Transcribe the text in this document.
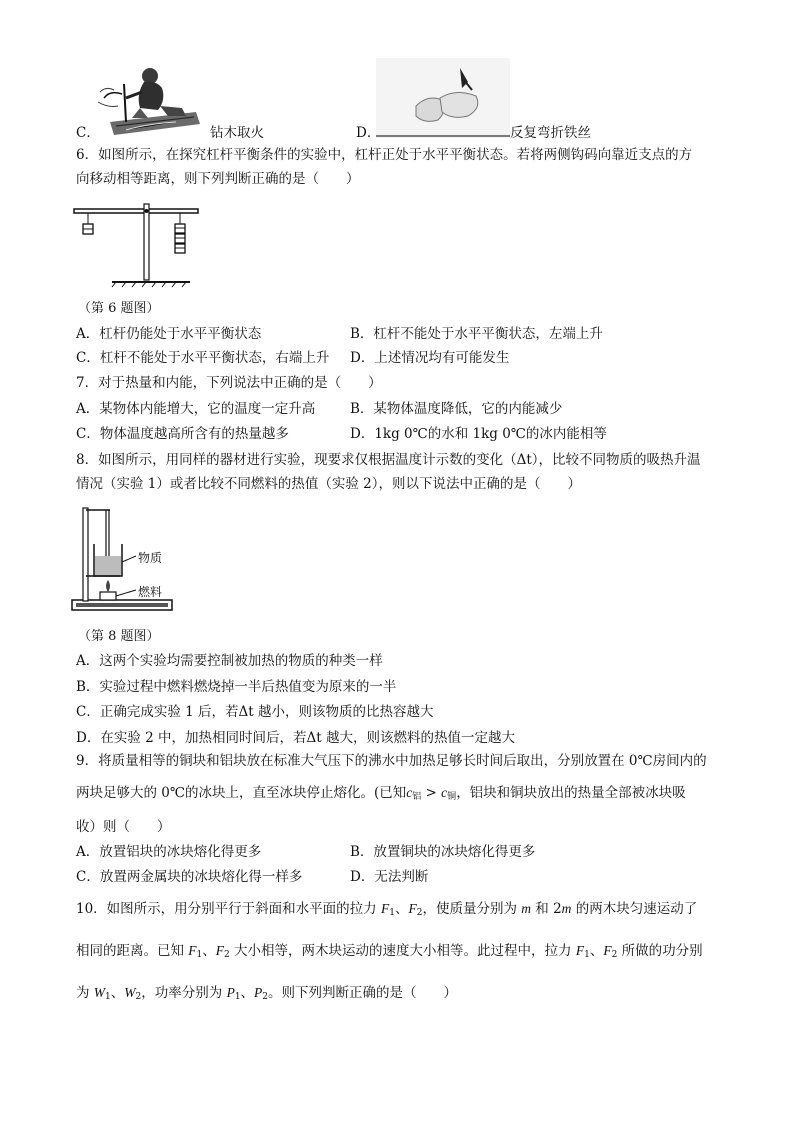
C．	钻木取火	D．	反复弯折铁丝
6．如图所示，在探究杠杆平衡条件的实验中，杠杆正处于水平平衡状态。若将两侧钩码向靠近支点的方
向移动相等距离，则下列判断正确的是（　　）
（第 6 题图）
A．杠杆仍能处于水平平衡状态	B．杠杆不能处于水平平衡状态，左端上升
C．杠杆不能处于水平平衡状态，右端上升 D．上述情况均有可能发生
7．对于热量和内能，下列说法中正确的是（　　）
A．某物体内能增大，它的温度一定升高	B．某物体温度降低，它的内能减少
C．物体温度越高所含有的热量越多	D．1kg 0℃的水和 1kg 0℃的冰内能相等
8．如图所示，用同样的器材进行实验，现要求仅根据温度计示数的变化（Δt），比较不同物质的吸热升温
情况（实验 1）或者比较不同燃料的热值（实验 2），则以下说法中正确的是（　　）
物质
燃料
（第 8 题图）
A．这两个实验均需要控制被加热的物质的种类一样
B．实验过程中燃料燃烧掉一半后热值变为原来的一半
C．正确完成实验 1 后，若Δt 越小，则该物质的比热容越大
D．在实验 2 中，加热相同时间后，若Δt 越大，则该燃料的热值一定越大
9．将质量相等的铜块和铝块放在标准大气压下的沸水中加热足够长时间后取出，分别放置在 0℃房间内的
两块足够大的 0℃的冰块上，直至冰块停止熔化。(已知$c_铝 > c_铜$，铝块和铜块放出的热量全部被冰块吸
收）则（　　）
A．放置铝块的冰块熔化得更多	B．放置铜块的冰块熔化得更多
C．放置两金属块的冰块熔化得一样多	D．无法判断
10．如图所示，用分别平行于斜面和水平面的拉力 $F_1$、$F_2$，使质量分别为 m 和 2m 的两木块匀速运动了
相同的距离。已知 $F_1$、$F_2$ 大小相等，两木块运动的速度大小相等。此过程中，拉力 $F_1$、$F_2$ 所做的功分别
为 $W_1$、$W_2$，功率分别为 $P_1$、$P_2$。则下列判断正确的是（　　）
